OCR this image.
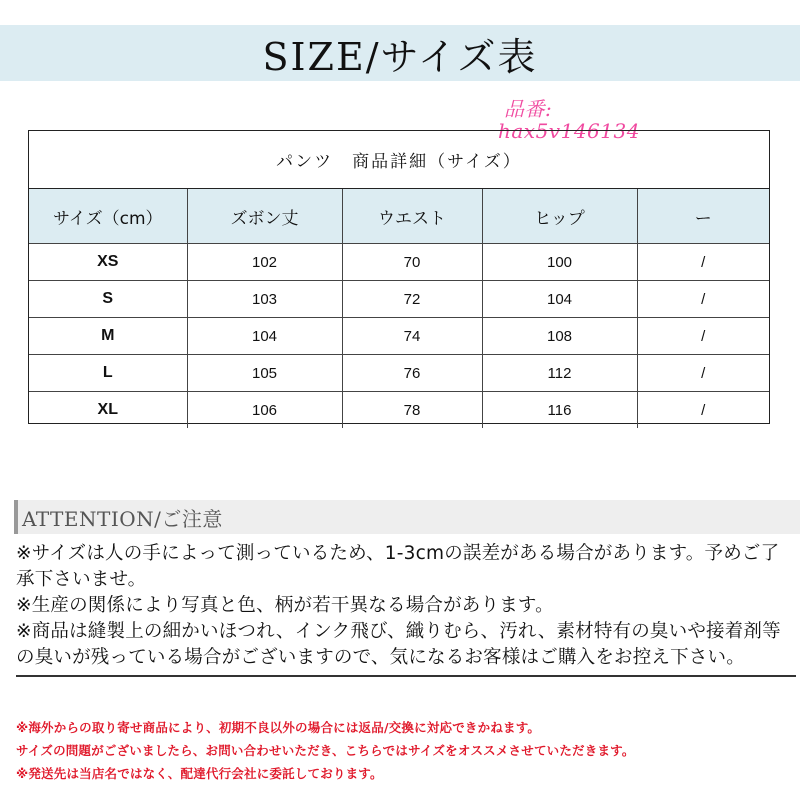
SIZE/サイズ表
品番:
hax5v146134
パンツ　商品詳細（サイズ）
サイズ（cm）	ズボン丈	ウエスト	ヒップ	ー
XS	102	70	100	/
S	103	72	104	/
M	104	74	108	/
L	105	76	112	/
XL	106	78	116	/
ATTENTION/ご注意
※サイズは人の手によって測っているため、1-3cmの誤差がある場合があります。予めご了承下さいませ。
※生産の関係により写真と色、柄が若干異なる場合があります。
※商品は縫製上の細かいほつれ、インク飛び、織りむら、汚れ、素材特有の臭いや接着剤等の臭いが残っている場合がございますので、気になるお客様はご購入をお控え下さい。
※海外からの取り寄せ商品により、初期不良以外の場合には返品/交換に対応できかねます。
サイズの問題がございましたら、お問い合わせいただき、こちらではサイズをオススメさせていただきます。
※発送先は当店名ではなく、配達代行会社に委託しております。
